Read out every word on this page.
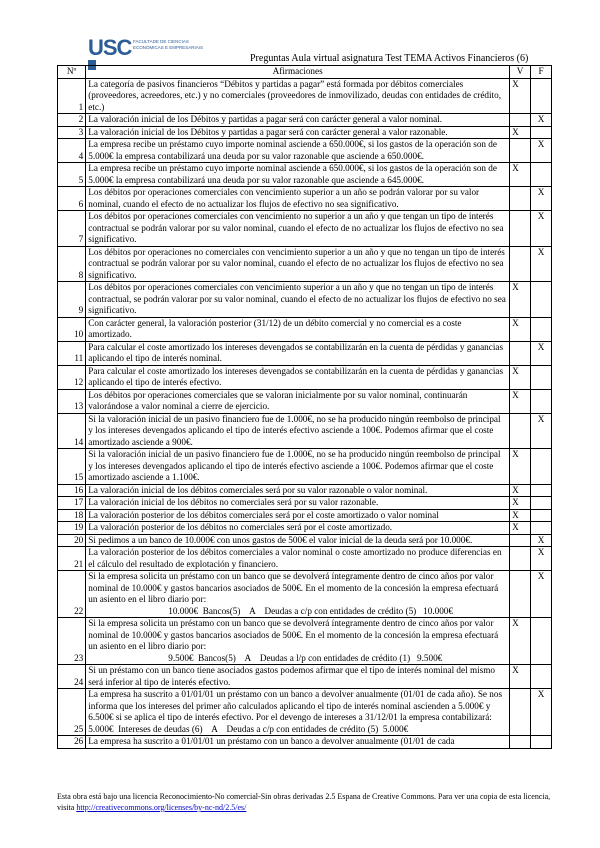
USC FACULTADE DE CIENCIAS ECONÓMICAS E EMPRESARIAIS
Preguntas Aula virtual asignatura Test TEMA Activos Financieros (6)
Nº	Afirmaciones	V	F
1	La categoría de pasivos financieros “Débitos y partidas a pagar” está formada por débitos comerciales (proveedores, acreedores, etc.) y no comerciales (proveedores de inmovilizado, deudas con entidades de crédito, etc.)	X	
2	La valoración inicial de los Débitos y partidas a pagar será con carácter general a valor nominal.		X
3	La valoración inicial de los Débitos y partidas a pagar será con carácter general a valor razonable.	X	
4	La empresa recibe un préstamo cuyo importe nominal asciende a 650.000€, si los gastos de la operación son de 5.000€ la empresa contabilizará una deuda por su valor razonable que asciende a 650.000€.		X
5	La empresa recibe un préstamo cuyo importe nominal asciende a 650.000€, si los gastos de la operación son de 5.000€ la empresa contabilizará una deuda por su valor razonable que asciende a 645.000€.	X	
6	Los débitos por operaciones comerciales con vencimiento superior a un año se podrán valorar por su valor nominal, cuando el efecto de no actualizar los flujos de efectivo no sea significativo.		X
7	Los débitos por operaciones comerciales con vencimiento no superior a un año y que tengan un tipo de interés contractual se podrán valorar por su valor nominal, cuando el efecto de no actualizar los flujos de efectivo no sea significativo.		X
8	Los débitos por operaciones no comerciales con vencimiento superior a un año y que no tengan un tipo de interés contractual se podrán valorar por su valor nominal, cuando el efecto de no actualizar los flujos de efectivo no sea significativo.		X
9	Los débitos por operaciones comerciales con vencimiento superior a un año y que no tengan un tipo de interés contractual, se podrán valorar por su valor nominal, cuando el efecto de no actualizar los flujos de efectivo no sea significativo.	X	
10	Con carácter general, la valoración posterior (31/12) de un débito comercial y no comercial es a coste amortizado.	X	
11	Para calcular el coste amortizado los intereses devengados se contabilizarán en la cuenta de pérdidas y ganancias aplicando el tipo de interés nominal.		X
12	Para calcular el coste amortizado los intereses devengados se contabilizarán en la cuenta de pérdidas y ganancias aplicando el tipo de interés efectivo.	X	
13	Los débitos por operaciones comerciales que se valoran inicialmente por su valor nominal, continuarán valorándose a valor nominal a cierre de ejercicio.	X	
14	Si la valoración inicial de un pasivo financiero fue de 1.000€, no se ha producido ningún reembolso de principal y los intereses devengados aplicando el tipo de interés efectivo asciende a 100€. Podemos afirmar que el coste amortizado asciende a 900€.		X
15	Si la valoración inicial de un pasivo financiero fue de 1.000€, no se ha producido ningún reembolso de principal y los intereses devengados aplicando el tipo de interés efectivo asciende a 100€. Podemos afirmar que el coste amortizado asciende a 1.100€.	X	
16	La valoración inicial de los débitos comerciales será por su valor razonable o valor nominal.	X	
17	La valoración inicial de los débitos no comerciales será por su valor razonable.	X	
18	La valoración posterior de los débitos comerciales será por el coste amortizado o valor nominal	X	
19	La valoración posterior de los débitos no comerciales será por el coste amortizado.	X	
20	Si pedimos a un banco de 10.000€ con unos gastos de 500€ el valor inicial de la deuda será por 10.000€.		X
21	La valoración posterior de los débitos comerciales a valor nominal o coste amortizado no produce diferencias en el cálculo del resultado de explotación y financiero.		X
22	Si la empresa solicita un préstamo con un banco que se devolverá íntegramente dentro de cinco años por valor nominal de 10.000€ y gastos bancarios asociados de 500€. En el momento de la concesión la empresa efectuará un asiento en el libro diario por:
10.000€  Bancos(5)    A    Deudas a c/p con entidades de crédito (5)   10.000€		X
23	Si la empresa solicita un préstamo con un banco que se devolverá íntegramente dentro de cinco años por valor nominal de 10.000€ y gastos bancarios asociados de 500€. En el momento de la concesión la empresa efectuará un asiento en el libro diario por:
9.500€  Bancos(5)    A    Deudas a l/p con entidades de crédito (1)   9.500€	X	
24	Si un préstamo con un banco tiene asociados gastos podemos afirmar que el tipo de interés nominal del mismo será inferior al tipo de interés efectivo.	X	
25	La empresa ha suscrito a 01/01/01 un préstamo con un banco a devolver anualmente (01/01 de cada año). Se nos informa que los intereses del primer año calculados aplicando el tipo de interés nominal ascienden a 5.000€ y 6.500€ si se aplica el tipo de interés efectivo. Por el devengo de intereses a 31/12/01 la empresa contabilizará:
5.000€  Intereses de deudas (6)    A    Deudas a c/p con entidades de crédito (5)  5.000€		X
26	La empresa ha suscrito a 01/01/01 un préstamo con un banco a devolver anualmente (01/01 de cada		
Esta obra está bajo una licencia Reconocimiento-No comercial-Sin obras derivadas 2.5 Espana de Creative Commons. Para ver una copia de esta licencia, visita http://creativecommons.org/licenses/by-nc-nd/2.5/es/
